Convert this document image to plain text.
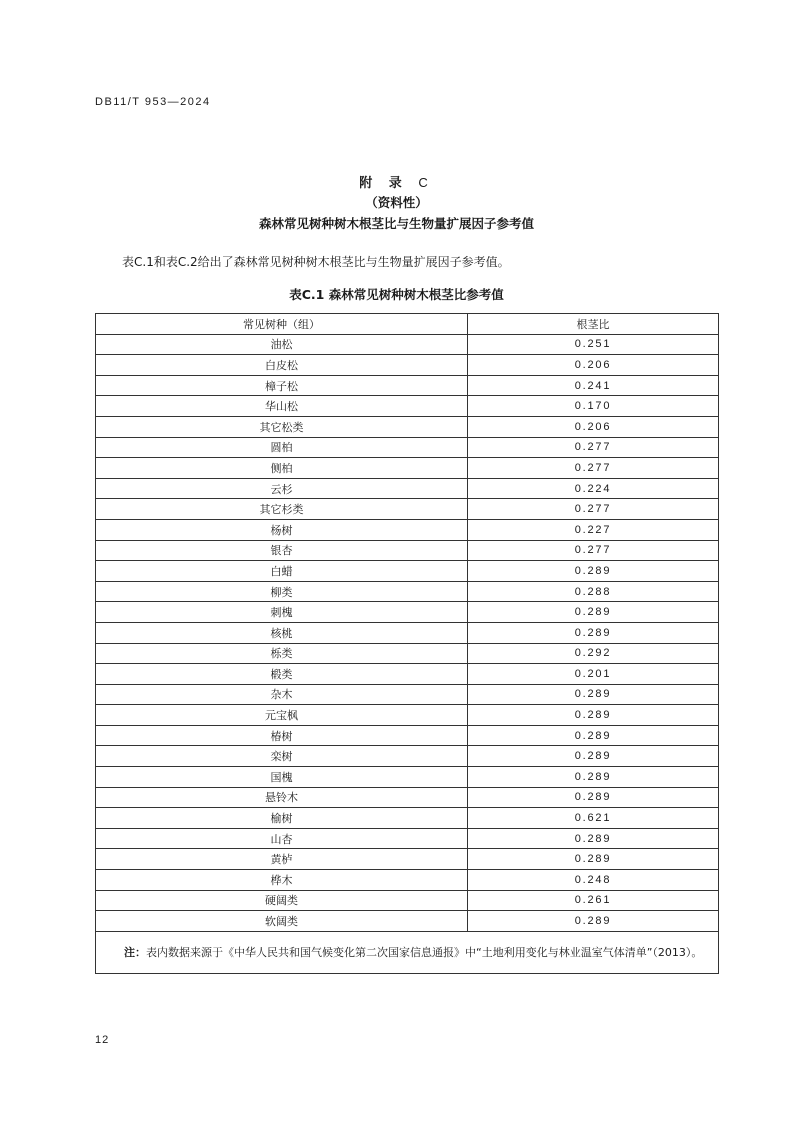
DB11/T 953—2024
附 录 C
（资料性）
森林常见树种树木根茎比与生物量扩展因子参考值
表C.1和表C.2给出了森林常见树种树木根茎比与生物量扩展因子参考值。
表C.1 森林常见树种树木根茎比参考值
常见树种（组）	根茎比
油松	0.251
白皮松	0.206
樟子松	0.241
华山松	0.170
其它松类	0.206
圆柏	0.277
侧柏	0.277
云杉	0.224
其它杉类	0.277
杨树	0.227
银杏	0.277
白蜡	0.289
柳类	0.288
刺槐	0.289
核桃	0.289
栎类	0.292
椴类	0.201
杂木	0.289
元宝枫	0.289
椿树	0.289
栾树	0.289
国槐	0.289
悬铃木	0.289
榆树	0.621
山杏	0.289
黄栌	0.289
桦木	0.248
硬阔类	0.261
软阔类	0.289
注：表内数据来源于《中华人民共和国气候变化第二次国家信息通报》中“土地利用变化与林业温室气体清单”（2013）。	
12
